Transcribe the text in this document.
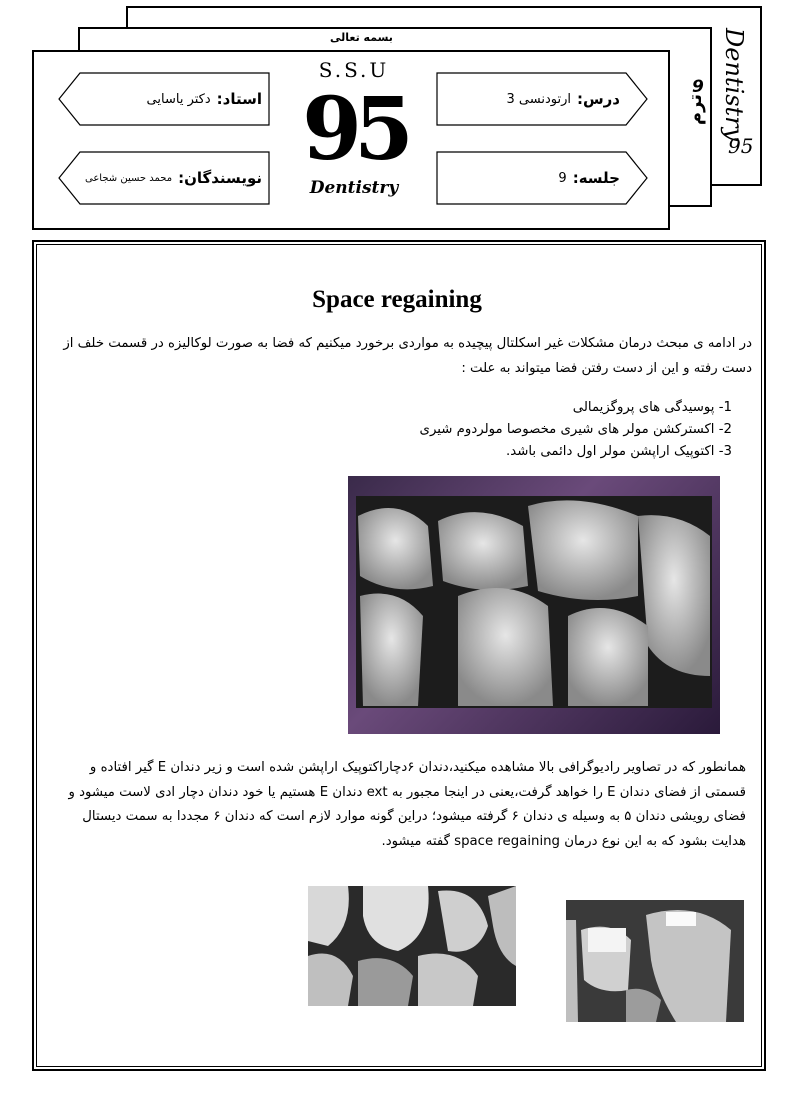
Dentistry
95
بسمه تعالی
9
ترم
استاد:
دکتر یاسایی
نویسندگان:
محمد حسین شجاعی
S.S.U
95
Dentistry
درس:
ارتودنسی 3
جلسه:
9
Space regaining
در ادامه ی مبحث درمان مشکلات غیر اسکلتال پیچیده به مواردی برخورد میکنیم که فضا به صورت لوکالیزه در قسمت خلف از دست رفته و این از دست رفتن فضا میتواند به علت :
1- پوسیدگی های پروگزیمالی
2- اکسترکشن مولر های شیری مخصوصا مولردوم شیری
3- اکتوپیک اراپشن مولر اول دائمی باشد.
همانطور که در تصاویر رادیوگرافی بالا مشاهده میکنید،دندان ۶دچاراکتوپیک اراپشن شده است و زیر دندان E گیر افتاده و قسمتی از فضای دندان E را خواهد گرفت،یعنی در اینجا مجبور به ext دندان E هستیم یا خود دندان دچار ادی لاست میشود و فضای رویشی دندان ۵ به وسیله ی دندان ۶ گرفته میشود؛ دراین گونه موارد لازم است که دندان ۶ مجددا به سمت دیستال هدایت بشود که به این نوع درمان space regaining گفته میشود.
